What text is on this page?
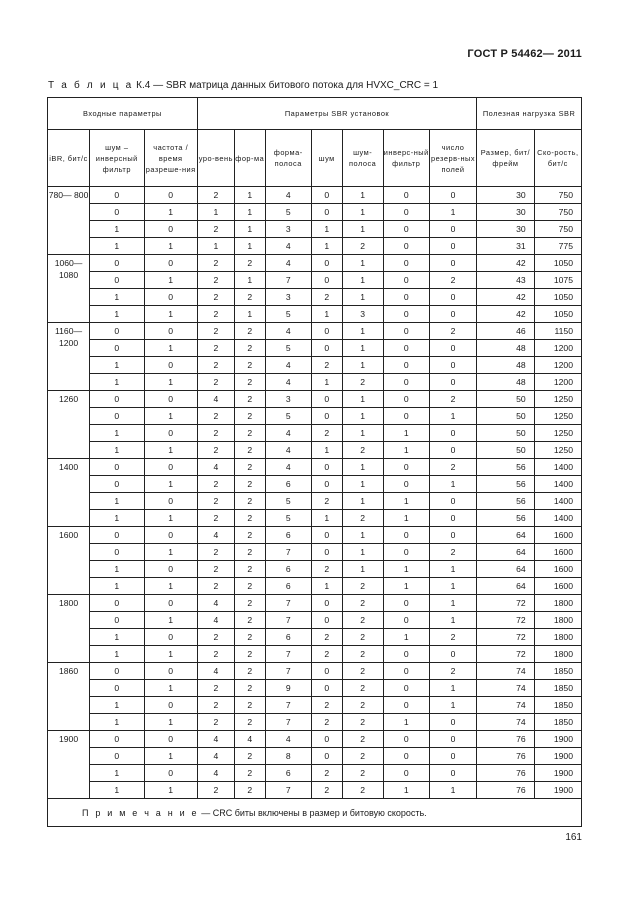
ГОСТ Р 54462— 2011
Т а б л и ц а К.4 — SBR матрица данных битового потока для HVXC_CRC = 1
Входные параметры			Параметры SBR установок							Полезная нагрузка SBR	
iBR, бит/с	шум – инверсный фильтр	частота / время разреше-ния	уро-вень	фор-ма	форма-полоса	шум	шум-полоса	инверс-ный фильтр	число резерв-ных полей	Размер, бит/фрейм	Ско-рость, бит/с
780— 800	0	0	2	1	4	0	1	0	0	30	750
	0	1	1	1	5	0	1	0	1	30	750
	1	0	2	1	3	1	1	0	0	30	750
	1	1	1	1	4	1	2	0	0	31	775
1060— 1080	0	0	2	2	4	0	1	0	0	42	1050
	0	1	2	1	7	0	1	0	2	43	1075
	1	0	2	2	3	2	1	0	0	42	1050
	1	1	2	1	5	1	3	0	0	42	1050
1160— 1200	0	0	2	2	4	0	1	0	2	46	1150
	0	1	2	2	5	0	1	0	0	48	1200
	1	0	2	2	4	2	1	0	0	48	1200
	1	1	2	2	4	1	2	0	0	48	1200
1260	0	0	4	2	3	0	1	0	2	50	1250
	0	1	2	2	5	0	1	0	1	50	1250
	1	0	2	2	4	2	1	1	0	50	1250
	1	1	2	2	4	1	2	1	0	50	1250
1400	0	0	4	2	4	0	1	0	2	56	1400
	0	1	2	2	6	0	1	0	1	56	1400
	1	0	2	2	5	2	1	1	0	56	1400
	1	1	2	2	5	1	2	1	0	56	1400
1600	0	0	4	2	6	0	1	0	0	64	1600
	0	1	2	2	7	0	1	0	2	64	1600
	1	0	2	2	6	2	1	1	1	64	1600
	1	1	2	2	6	1	2	1	1	64	1600
1800	0	0	4	2	7	0	2	0	1	72	1800
	0	1	4	2	7	0	2	0	1	72	1800
	1	0	2	2	6	2	2	1	2	72	1800
	1	1	2	2	7	2	2	0	0	72	1800
1860	0	0	4	2	7	0	2	0	2	74	1850
	0	1	2	2	9	0	2	0	1	74	1850
	1	0	2	2	7	2	2	0	1	74	1850
	1	1	2	2	7	2	2	1	0	74	1850
1900	0	0	4	4	4	0	2	0	0	76	1900
	0	1	4	2	8	0	2	0	0	76	1900
	1	0	4	2	6	2	2	0	0	76	1900
	1	1	2	2	7	2	2	1	1	76	1900
П р и м е ч а н и е — CRC биты включены в размер и битовую скорость.											
161
